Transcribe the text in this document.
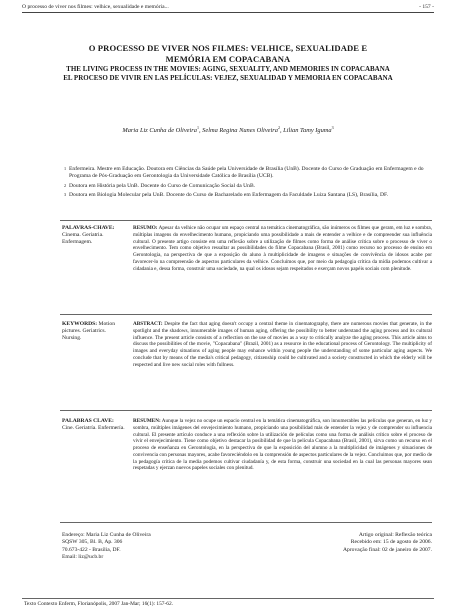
O processo de viver nos filmes: velhice, sexualidade e memória...	- 157 -

O PROCESSO DE VIVER NOS FILMES: VELHICE, SEXUALIDADE E

MEMÓRIA EM COPACABANA

THE LIVING PROCESS IN THE MOVIES: AGING, SEXUALITY, AND MEMORIES IN COPACABANA

EL PROCESO DE VIVIR EN LAS PELÍCULAS: VEJEZ, SEXUALIDAD Y MEMORIA EN COPACABANA

Maria Liz Cunha de Oliveira$^1$, Selma Regina Nunes Oliveira$^2$, Lilian Tamy Iguma$^3$
1 Enfermeira. Mestre em Educação. Doutora em Ciências da Saúde pela Universidade de Brasília (UnB). Docente do Curso de Graduação em Enfermagem e do Programa de Pós-Graduação em Gerontologia da Universidade Católica de Brasília (UCB).
2 Doutora em História pela UnB. Docente do Curso de Comunicação Social da UnB.
3 Doutora em Biologia Molecular pela UnB. Docente do Curso de Bacharelado em Enfermagem da Faculdade Luiza Santana (LS), Brasília, DF.
PALAVRAS-CHAVE: Cinema. Geriatria. Enfermagem.
RESUMO: Apesar da velhice não ocupar um espaço central na temática cinematográfica, são inúmeros os filmes que geram, em luz e sombra, múltiplas imagens do envelhecimento humano, propiciando uma possibilidade a mais de entender a velhice e de compreender sua influência cultural. O presente artigo consiste em uma reflexão sobre a utilização de filmes como forma de análise crítica sobre o processo de viver o envelhecimento. Tem como objetivo ressaltar as possibilidades do filme Copacabana (Brasil, 2001) como recurso no processo de ensino em Gerontologia, na perspectiva de que a exposição do aluno à multiplicidade de imagens e situações de convivência de idosos acabe por favorecer-lo na compreensão de aspectos particulares da velhice. Concluímos que, por meio da pedagogia crítica da mídia podemos cultivar a cidadania e, dessa forma, construir uma sociedade, na qual os idosos sejam respeitados e exerçam novos papéis sociais com plenitude.
KEYWORDS: Motion pictures. Geriatrics. Nursing.
ABSTRACT: Despite the fact that aging doesn't occupy a central theme in cinematography, there are numerous movies that generate, in the spotlight and the shadows, innumerable images of human aging, offering the possibility to better understand the aging process and its cultural influence. The present article consists of a reflection on the use of movies as a way to critically analyze the aging process. This article aims to discuss the possibilities of the movie, "Copacabana" (Brazil, 2001) as a resource in the educational process of Gerontology. The multiplicity of images and everyday situations of aging people may enhance within young people the understanding of some particular aging aspects. We conclude that by means of the media's critical pedagogy, citizenship could be cultivated and a society constructed in which the elderly will be respected and live new social roles with fullness.
PALABRAS CLAVE: Cine. Geriatría. Enfermería.
RESUMEN: Aunque la vejez no ocupe un espacio central en la temática cinematográfica, son innumerables las películas que generan, en luz y sombra, múltiples imágenes del envejecimiento humano, propiciando una posibilidad más de entender la vejez y de comprender su influencia cultural. El presente artículo conduce a una reflexión sobre la utilización de películas como una forma de análisis crítico sobre el proceso de vivir el envejecimiento. Tiene como objetivo destacar la posibilidad de que la película Copacabana (Brasil, 2001), sirva como un recurso en el proceso de enseñanza en Gerontología, en la perspectiva de que la exposición del alumno a la multiplicidad de imágenes y situaciones de convivencia con personas mayores, acabe favoreciéndolo en la comprensión de aspectos particulares de la vejez. Concluimos que, por medio de la pedagogía crítica de la media podemos cultivar ciudadanía y, de esta forma, construir una sociedad en la cual las personas mayores sean respetadas y ejerzan nuevos papeles sociales con plenitud.
Endereço: Maria Liz Cunha de Oliveira
SQSW 305, Bl. B, Ap. 306
70.673-422 - Brasília, DF.
Email: liz@ucb.br
Artigo original: Reflexão teórica
Recebido em: 15 de agosto de 2006.
Aprovação final: 02 de janeiro de 2007.
Texto Contexto Enferm, Florianópolis, 2007 Jan-Mar; 16(1): 157-62.
